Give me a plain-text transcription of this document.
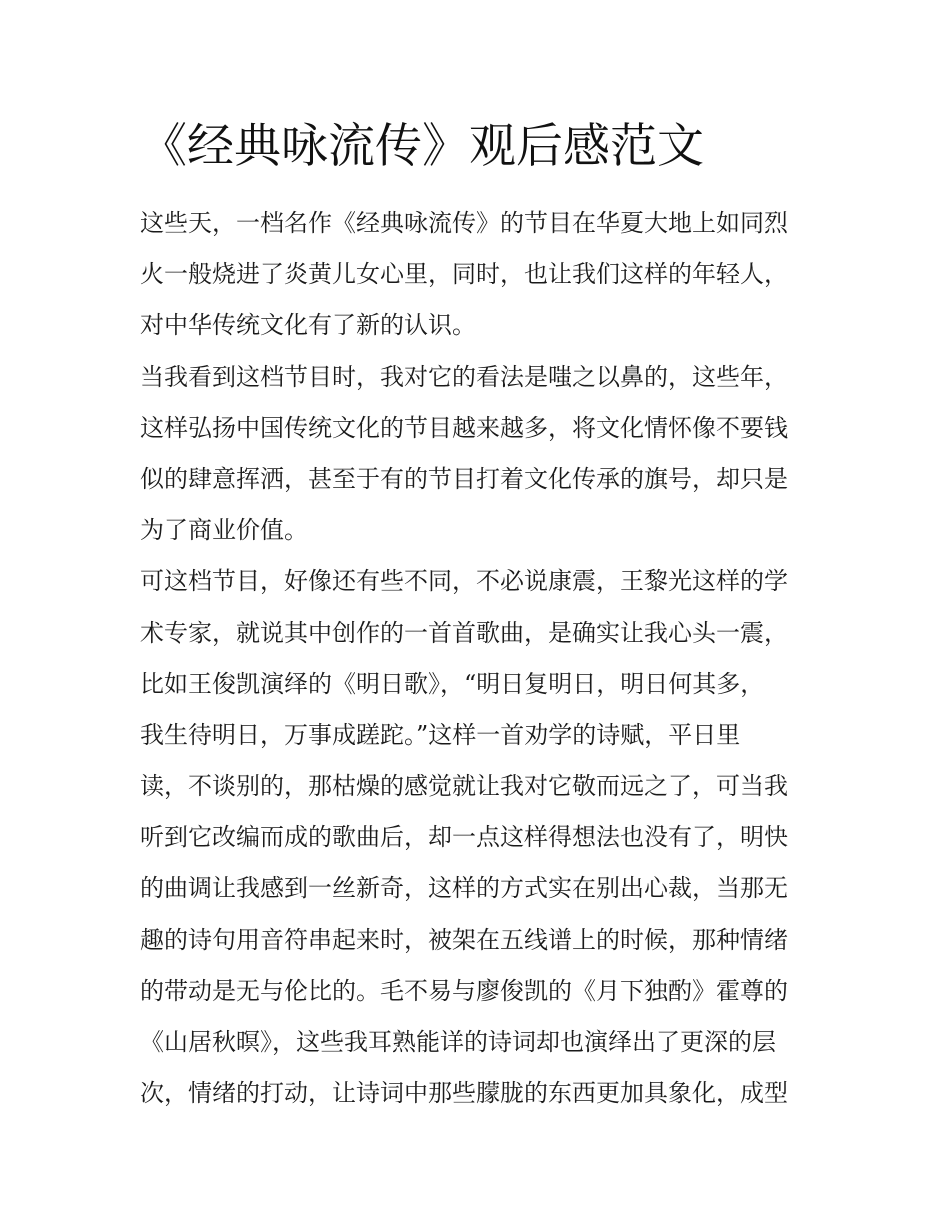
《经典咏流传》观后感范文
这些天，一档名作《经典咏流传》的节目在华夏大地上如同烈
火一般烧进了炎黄儿女心里，同时，也让我们这样的年轻人，
对中华传统文化有了新的认识。
当我看到这档节目时，我对它的看法是嗤之以鼻的，这些年，
这样弘扬中国传统文化的节目越来越多，将文化情怀像不要钱
似的肆意挥洒，甚至于有的节目打着文化传承的旗号，却只是
为了商业价值。
可这档节目，好像还有些不同，不必说康震，王黎光这样的学
术专家，就说其中创作的一首首歌曲，是确实让我心头一震，
比如王俊凯演绎的《明日歌》，“明日复明日，明日何其多，
我生待明日，万事成蹉跎。”这样一首劝学的诗赋，平日里
读，不谈别的，那枯燥的感觉就让我对它敬而远之了，可当我
听到它改编而成的歌曲后，却一点这样得想法也没有了，明快
的曲调让我感到一丝新奇，这样的方式实在别出心裁，当那无
趣的诗句用音符串起来时，被架在五线谱上的时候，那种情绪
的带动是无与伦比的。毛不易与廖俊凯的《月下独酌》霍尊的
《山居秋暝》，这些我耳熟能详的诗词却也演绎出了更深的层
次，情绪的打动，让诗词中那些朦胧的东西更加具象化，成型
